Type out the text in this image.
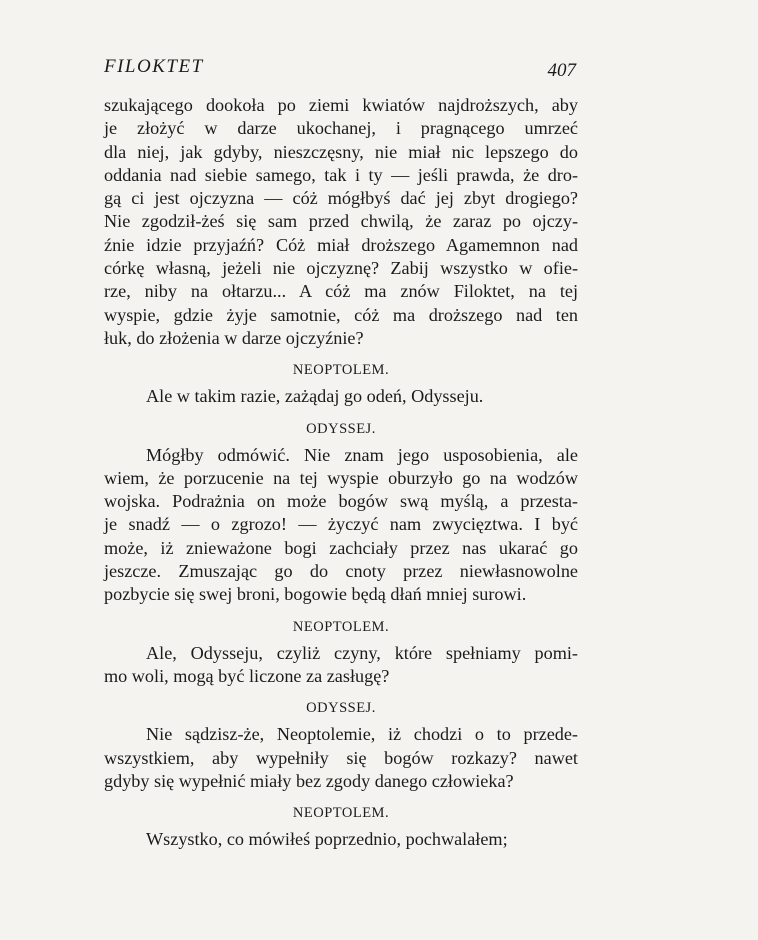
FILOKTET	407
szukającego dookoła po ziemi kwiatów najdroższych, aby
je złożyć w darze ukochanej, i pragnącego umrzeć
dla niej, jak gdyby, nieszczęsny, nie miał nic lepszego do
oddania nad siebie samego, tak i ty — jeśli prawda, że dro-
gą ci jest ojczyzna — cóż mógłbyś dać jej zbyt drogiego?
Nie zgodził-żeś się sam przed chwilą, że zaraz po ojczy-
źnie idzie przyjaźń? Cóż miał droższego Agamemnon nad
córkę własną, jeżeli nie ojczyznę? Zabij wszystko w ofie-
rze, niby na ołtarzu... A cóż ma znów Filoktet, na tej
wyspie, gdzie żyje samotnie, cóż ma droższego nad ten
łuk, do złożenia w darze ojczyźnie?
NEOPTOLEM.
Ale w takim razie, zażądaj go odeń, Odysseju.
ODYSSEJ.
Mógłby odmówić. Nie znam jego usposobienia, ale
wiem, że porzucenie na tej wyspie oburzyło go na wodzów
wojska. Podrażnia on może bogów swą myślą, a przesta-
je snadź — o zgrozo! — życzyć nam zwycięztwa. I być
może, iż znieważone bogi zachciały przez nas ukarać go
jeszcze. Zmuszając go do cnoty przez niewłasnowolne
pozbycie się swej broni, bogowie będą dłań mniej surowi.
NEOPTOLEM.
Ale, Odysseju, czyliż czyny, które spełniamy pomi-
mo woli, mogą być liczone za zasługę?
ODYSSEJ.
Nie sądzisz-że, Neoptolemie, iż chodzi o to przede-
wszystkiem, aby wypełniły się bogów rozkazy? nawet
gdyby się wypełnić miały bez zgody danego człowieka?
NEOPTOLEM.
Wszystko, co mówiłeś poprzednio, pochwalałem;
